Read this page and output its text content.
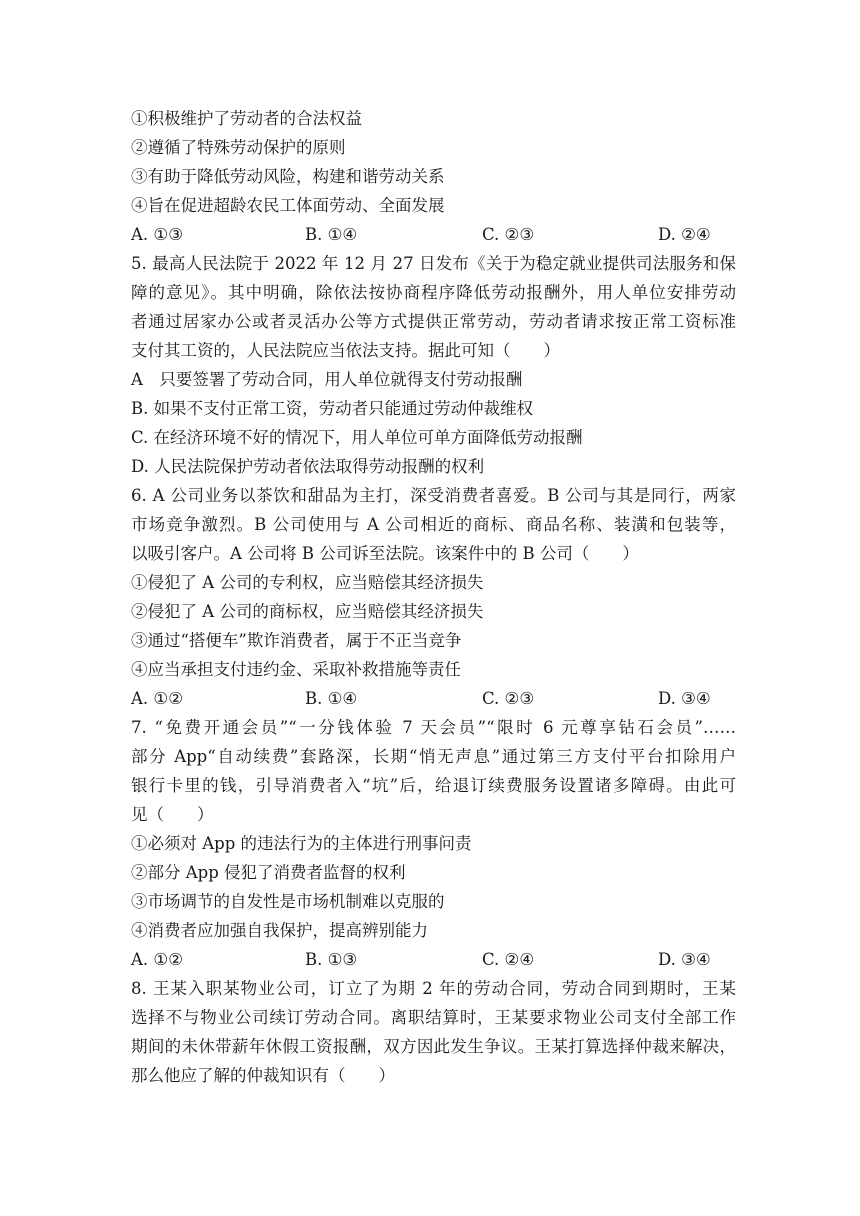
①积极维护了劳动者的合法权益
②遵循了特殊劳动保护的原则
③有助于降低劳动风险，构建和谐劳动关系
④旨在促进超龄农民工体面劳动、全面发展
A. ①③	B. ①④	C. ②③	D. ②④
5. 最高人民法院于 2022 年 12 月 27 日发布《关于为稳定就业提供司法服务和保
障的意见》。其中明确，除依法按协商程序降低劳动报酬外，用人单位安排劳动
者通过居家办公或者灵活办公等方式提供正常劳动，劳动者请求按正常工资标准
支付其工资的，人民法院应当依法支持。据此可知（　　）
A　只要签署了劳动合同，用人单位就得支付劳动报酬
B. 如果不支付正常工资，劳动者只能通过劳动仲裁维权
C. 在经济环境不好的情况下，用人单位可单方面降低劳动报酬
D. 人民法院保护劳动者依法取得劳动报酬的权利
6. A 公司业务以茶饮和甜品为主打，深受消费者喜爱。B 公司与其是同行，两家
市场竞争激烈。B 公司使用与 A 公司相近的商标、商品名称、装潢和包装等，
以吸引客户。A 公司将 B 公司诉至法院。该案件中的 B 公司（　　）
①侵犯了 A 公司的专利权，应当赔偿其经济损失
②侵犯了 A 公司的商标权，应当赔偿其经济损失
③通过“搭便车”欺诈消费者，属于不正当竞争
④应当承担支付违约金、采取补救措施等责任
A. ①②	B. ①④	C. ②③	D. ③④
7. “免费开通会员”“一分钱体验 7 天会员”“限时 6 元尊享钻石会员”……
部分 App“自动续费”套路深，长期“悄无声息”通过第三方支付平台扣除用户
银行卡里的钱，引导消费者入“坑”后，给退订续费服务设置诸多障碍。由此可
见（　　）
①必须对 App 的违法行为的主体进行刑事问责
②部分 App 侵犯了消费者监督的权利
③市场调节的自发性是市场机制难以克服的
④消费者应加强自我保护，提高辨别能力
A. ①②	B. ①③	C. ②④	D. ③④
8. 王某入职某物业公司，订立了为期 2 年的劳动合同，劳动合同到期时，王某
选择不与物业公司续订劳动合同。离职结算时，王某要求物业公司支付全部工作
期间的未休带薪年休假工资报酬，双方因此发生争议。王某打算选择仲裁来解决，
那么他应了解的仲裁知识有（　　）
